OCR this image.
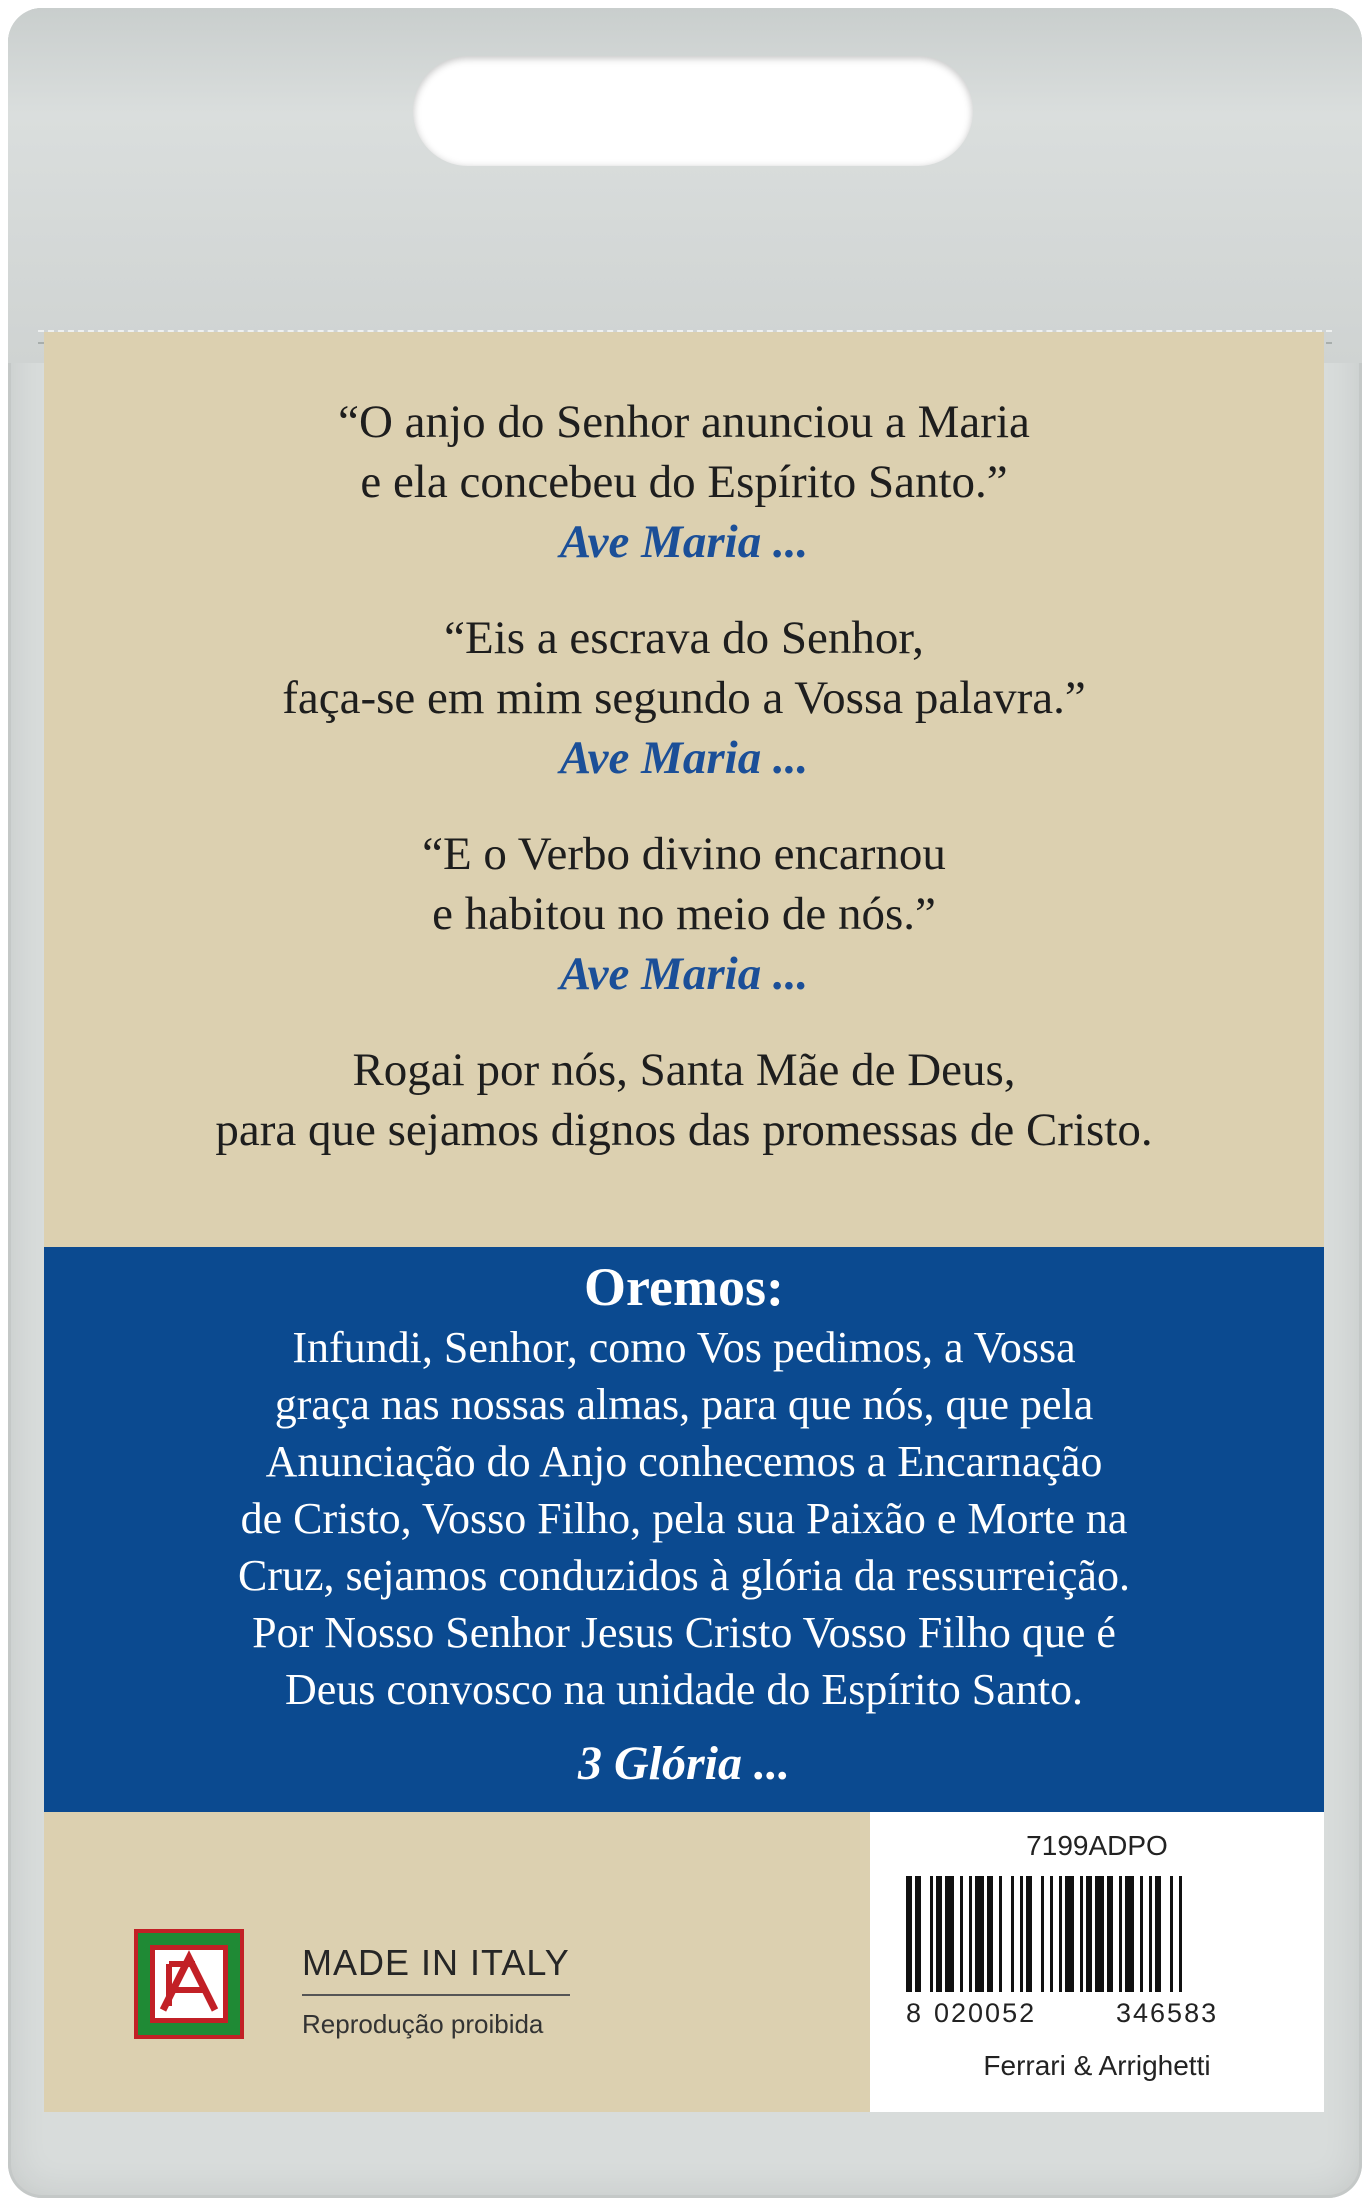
“O anjo do Senhor anunciou a Maria
e ela concebeu do Espírito Santo.”
Ave Maria ...
“Eis a escrava do Senhor,
faça-se em mim segundo a Vossa palavra.”
Ave Maria ...
“E o Verbo divino encarnou
e habitou no meio de nós.”
Ave Maria ...
Rogai por nós, Santa Mãe de Deus,
para que sejamos dignos das promessas de Cristo.
Oremos:
Infundi, Senhor, como Vos pedimos, a Vossa
graça nas nossas almas, para que nós, que pela
Anunciação do Anjo conhecemos a Encarnação
de Cristo, Vosso Filho, pela sua Paixão e Morte na
Cruz, sejamos conduzidos à glória da ressurreição.
Por Nosso Senhor Jesus Cristo Vosso Filho que é
Deus convosco na unidade do Espírito Santo.
3 Glória ...
MADE IN ITALY
Reprodução proibida
7199ADPO
8 020052	346583
Ferrari & Arrighetti
